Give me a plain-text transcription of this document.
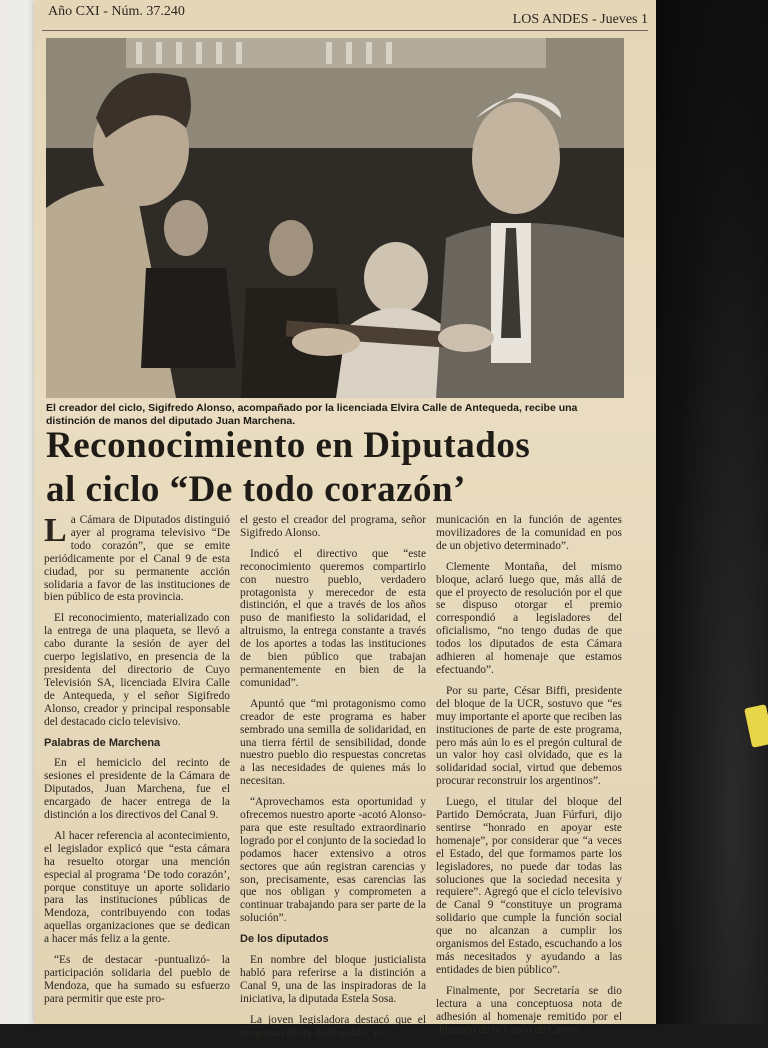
Año CXI - Núm. 37.240
LOS ANDES - Jueves 1
El creador del ciclo, Sigifredo Alonso, acompañado por la licenciada Elvira Calle de Antequeda, recibe una distinción de manos del diputado Juan Marchena.
Reconocimiento en Diputados
al ciclo “De todo corazón’

La Cámara de Diputados distinguió ayer al programa televisivo “De todo corazón”, que se emite periódicamente por el Canal 9 de esta ciudad, por su permanente acción solidaria a favor de las instituciones de bien público de esta provincia.

El reconocimiento, materializado con la entrega de una plaqueta, se llevó a cabo durante la sesión de ayer del cuerpo legislativo, en presencia de la presidenta del directorio de Cuyo Televisión SA, licenciada Elvira Calle de Antequeda, y el señor Sigifredo Alonso, creador y principal responsable del destacado ciclo televisivo.

Palabras de Marchena

En el hemiciclo del recinto de sesiones el presidente de la Cámara de Diputados, Juan Marchena, fue el encargado de hacer entrega de la distinción a los directivos del Canal 9.

Al hacer referencia al acontecimiento, el legislador explicó que “esta cámara ha resuelto otorgar una mención especial al programa ‘De todo corazón’, porque constituye un aporte solidario para las instituciones públicas de Mendoza, contribuyendo con todas aquellas organizaciones que se dedican a hacer más feliz a la gente.

“Es de destacar -puntualizó- la participación solidaria del pueblo de Mendoza, que ha sumado su esfuerzo para permitir que este pro-

el gesto el creador del programa, señor Sigifredo Alonso.

Indicó el directivo que “este reconocimiento queremos compartirlo con nuestro pueblo, verdadero protagonista y merecedor de esta distinción, el que a través de los años puso de manifiesto la solidaridad, el altruismo, la entrega constante a través de los aportes a todas las instituciones de bien público que trabajan permanentemente en bien de la comunidad”.

Apuntó que “mi protagonismo como creador de este programa es haber sembrado una semilla de solidaridad, en una tierra fértil de sensibilidad, donde nuestro pueblo dio respuestas concretas a las necesidades de quienes más lo necesitan.

“Aprovechamos esta oportunidad y ofrecemos nuestro aporte -acotó Alonso- para que este resultado extraordinario logrado por el conjunto de la sociedad lo podamos hacer extensivo a otros sectores que aún registran carencias y son, precisamente, esas carencias las que nos obligan y comprometen a continuar trabajando para ser parte de la solución”.

De los diputados

En nombre del bloque justicialista habló para referirse a la distinción a Canal 9, una de las inspiradoras de la iniciativa, la diputada Estela Sosa.

La joven legisladora destacó que el programa ahora distinguido “es

municación en la función de agentes movilizadores de la comunidad en pos de un objetivo determinado”.

Clemente Montaña, del mismo bloque, aclaró luego que, más allá de que el proyecto de resolución por el que se dispuso otorgar el premio correspondió a legisladores del oficialismo, “no tengo dudas de que todos los diputados de esta Cámara adhieren al homenaje que estamos efectuando”.

Por su parte, César Biffi, presidente del bloque de la UCR, sostuvo que “es muy importante el aporte que reciben las instituciones de parte de este programa, pero más aún lo es el pregón cultural de un valor hoy casi olvidado, que es la solidaridad social, virtud que debemos procurar reconstruir los argentinos”.

Luego, el titular del bloque del Partido Demócrata, Juan Fúrfuri, dijo sentirse “honrado en apoyar este homenaje”, por considerar que “a veces el Estado, del que formamos parte los legisladores, no puede dar todas las soluciones que la sociedad necesita y requiere”. Agregó que el ciclo televisivo de Canal 9 “constituye un programa solidario que cumple la función social que no alcanzan a cumplir los organismos del Estado, escuchando a los más necesitados y ayudando a las entidades de bien público”.

Finalmente, por Secretaría se dio lectura a una conceptuosa nota de adhesión al homenaje remitido por el diputado de la Unión de Centro
